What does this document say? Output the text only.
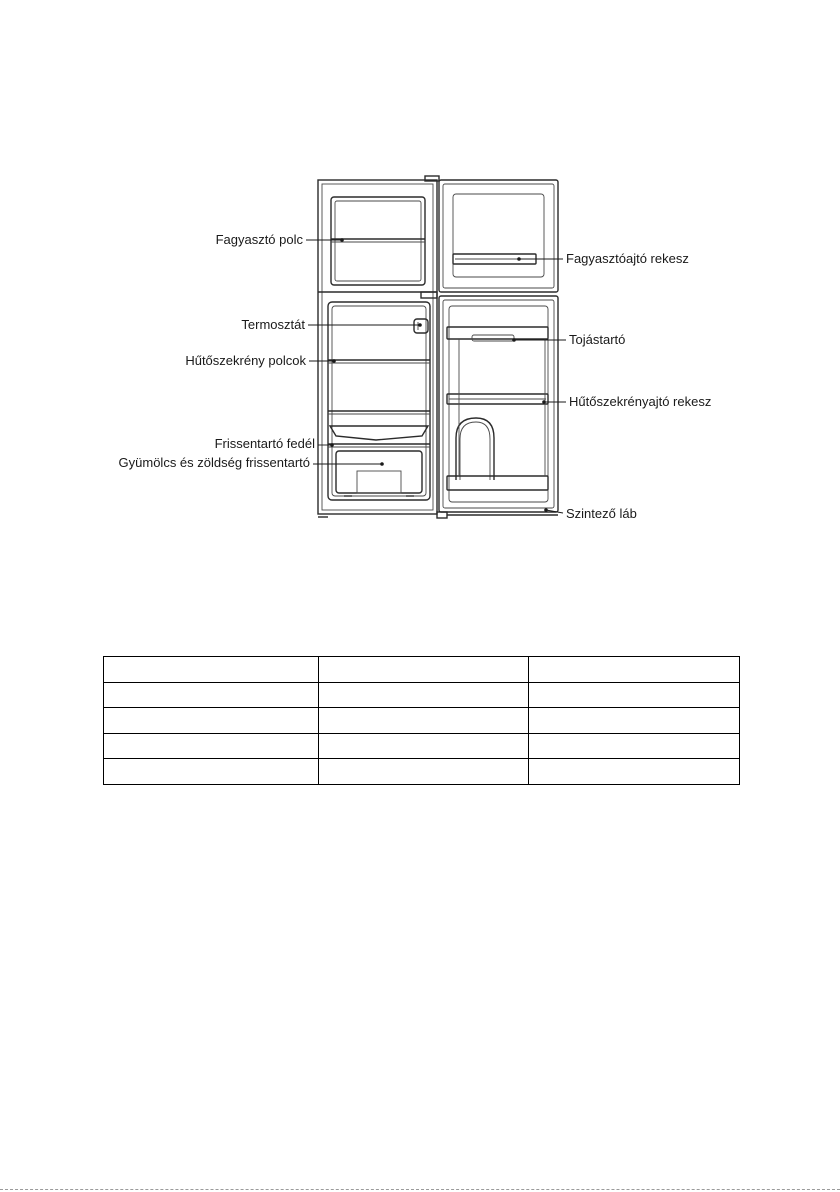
Fagyasztó polc
Fagyasztóajtó rekesz
Termosztát
Tojástartó
Hűtőszekrény polcok
Hűtőszekrényajtó rekesz
Frissentartó fedél
Gyümölcs és zöldség frissentartó
Szintező láb
